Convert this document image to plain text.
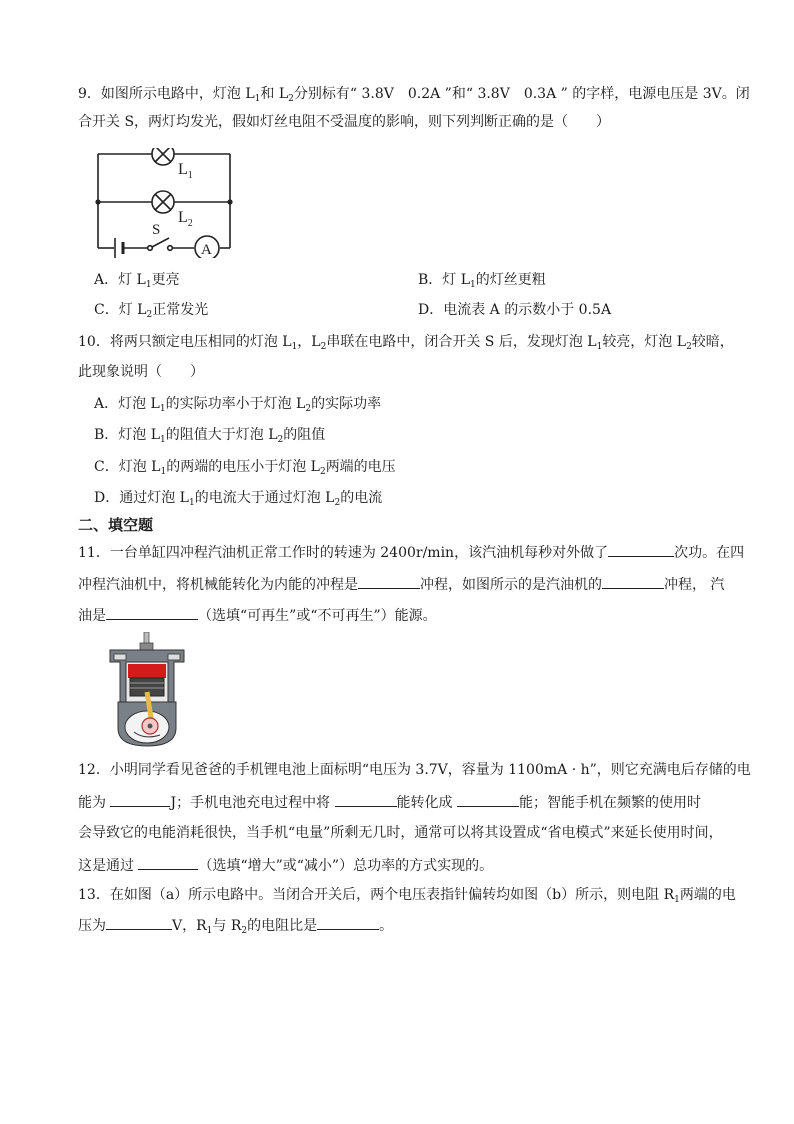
9．如图所示电路中，灯泡 $L_1$和 $L_2$分别标有“ 3.8V　0.2A ”和“ 3.8V　0.3A ” 的字样，电源电压是 3V。闭
合开关 S，两灯均发光，假如灯丝电阻不受温度的影响，则下列判断正确的是（　　）
$L_1$
$L_2$
S
A
A．灯 $L_1$更亮	B．灯 $L_1$的灯丝更粗
C．灯 $L_2$正常发光	D．电流表 A 的示数小于 0.5A
10．将两只额定电压相同的灯泡 $L_1$，$L_2$串联在电路中，闭合开关 S 后，发现灯泡 $L_1$较亮，灯泡 $L_2$较暗，
此现象说明（　　）
A．灯泡 $L_1$的实际功率小于灯泡 $L_2$的实际功率
B．灯泡 $L_1$的阻值大于灯泡 $L_2$的阻值
C．灯泡 $L_1$的两端的电压小于灯泡 $L_2$两端的电压
D．通过灯泡 $L_1$的电流大于通过灯泡 $L_2$的电流
二、填空题
11．一台单缸四冲程汽油机正常工作时的转速为 2400r/min，该汽油机每秒对外做了	次功。在四
冲程汽油机中，将机械能转化为内能的冲程是	冲程，如图所示的是汽油机的	冲程， 汽
油是	（选填“可再生”或“不可再生”）能源。
12．小明同学看见爸爸的手机锂电池上面标明“电压为 3.7V，容量为 1100mA · h”，则它充满电后存储的电
能为	J；手机电池充电过程中将	能转化成	能；智能手机在频繁的使用时
会导致它的电能消耗很快，当手机“电量”所剩无几时，通常可以将其设置成“省电模式”来延长使用时间，
这是通过	（选填“增大”或“减小”）总功率的方式实现的。
13．在如图（a）所示电路中。当闭合开关后，两个电压表指针偏转均如图（b）所示，则电阻 $R_1$两端的电
压为	V，$R_1$与 $R_2$的电阻比是	。
